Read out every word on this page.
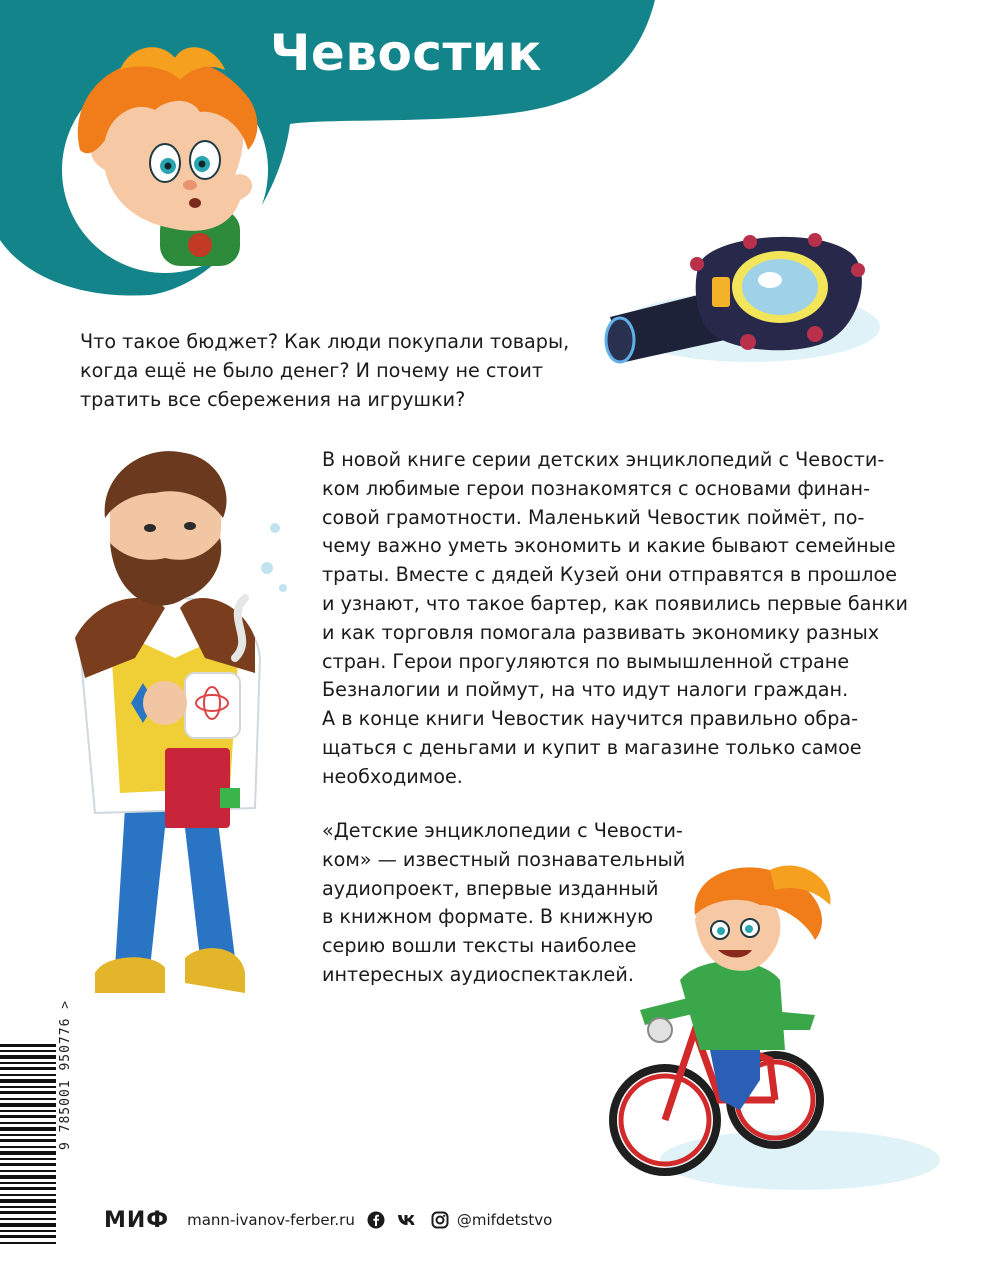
Чевостик
Что такое бюджет? Как люди покупали товары,
когда ещё не было денег? И почему не стоит
тратить все сбережения на игрушки?
В новой книге серии детских энциклопедий с Чевости-
ком любимые герои познакомятся с основами финан-
совой грамотности. Маленький Чевостик поймёт, по-
чему важно уметь экономить и какие бывают семейные
траты. Вместе с дядей Кузей они отправятся в прошлое
и узнают, что такое бартер, как появились первые банки
и как торговля помогала развивать экономику разных
стран. Герои прогуляются по вымышленной стране
Безналогии и поймут, на что идут налоги граждан.
А в конце книги Чевостик научится правильно обра-
щаться с деньгами и купит в магазине только самое
необходимое.
«Детские энциклопедии с Чевости-
ком» — известный познавательный
аудиопроект, впервые изданный
в книжном формате. В книжную
серию вошли тексты наиболее
интересных аудиоспектаклей.
9 785001 950776 >
МИФ mann-ivanov-ferber.ru	@mifdetstvo
